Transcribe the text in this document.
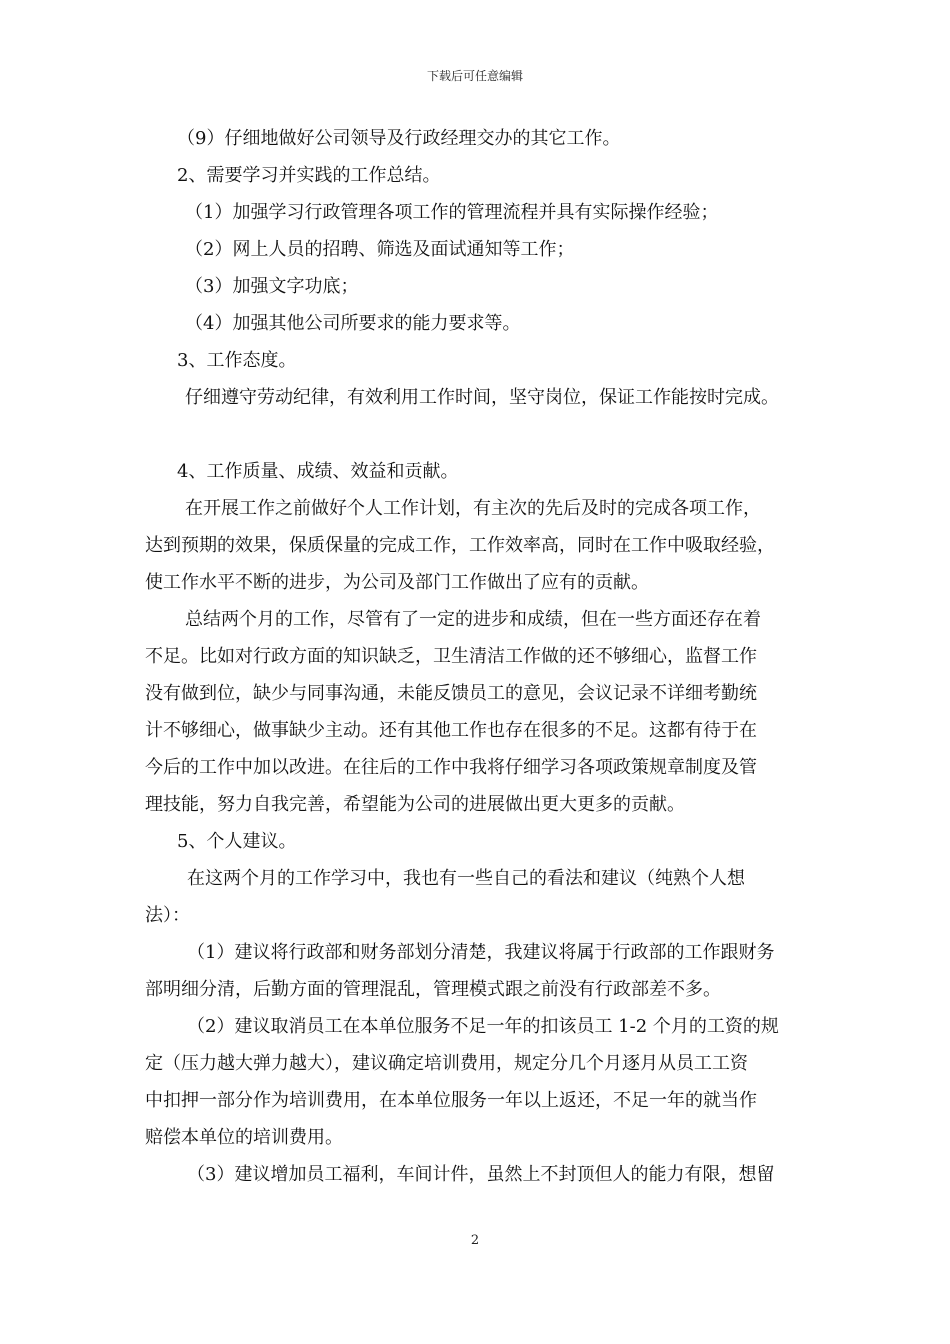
下载后可任意编辑

（9）仔细地做好公司领导及行政经理交办的其它工作。

2、需要学习并实践的工作总结。

（1）加强学习行政管理各项工作的管理流程并具有实际操作经验；

（2）网上人员的招聘、筛选及面试通知等工作；

（3）加强文字功底；

（4）加强其他公司所要求的能力要求等。

3、工作态度。

仔细遵守劳动纪律，有效利用工作时间，坚守岗位，保证工作能按时完成。

4、工作质量、成绩、效益和贡献。

在开展工作之前做好个人工作计划，有主次的先后及时的完成各项工作，

达到预期的效果，保质保量的完成工作，工作效率高，同时在工作中吸取经验，

使工作水平不断的进步，为公司及部门工作做出了应有的贡献。

总结两个月的工作，尽管有了一定的进步和成绩，但在一些方面还存在着

不足。比如对行政方面的知识缺乏，卫生清洁工作做的还不够细心，监督工作

没有做到位，缺少与同事沟通，未能反馈员工的意见，会议记录不详细考勤统

计不够细心，做事缺少主动。还有其他工作也存在很多的不足。这都有待于在

今后的工作中加以改进。在往后的工作中我将仔细学习各项政策规章制度及管

理技能，努力自我完善，希望能为公司的进展做出更大更多的贡献。

5、个人建议。

在这两个月的工作学习中，我也有一些自己的看法和建议（纯熟个人想

法）：

（1）建议将行政部和财务部划分清楚，我建议将属于行政部的工作跟财务

部明细分清，后勤方面的管理混乱，管理模式跟之前没有行政部差不多。

（2）建议取消员工在本单位服务不足一年的扣该员工 1-2 个月的工资的规

定（压力越大弹力越大），建议确定培训费用，规定分几个月逐月从员工工资

中扣押一部分作为培训费用，在本单位服务一年以上返还，不足一年的就当作

赔偿本单位的培训费用。

（3）建议增加员工福利，车间计件，虽然上不封顶但人的能力有限，想留

2
